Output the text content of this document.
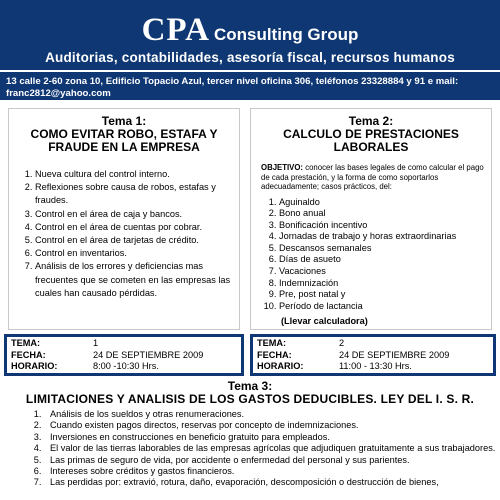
CPA Consulting Group
Auditorias, contabilidades, asesoría fiscal, recursos humanos
13 calle 2-60 zona 10, Edificio Topacio Azul, tercer nivel oficina 306, teléfonos 23328884 y 91 e mail: franc2812@yahoo.com
Tema 1:
COMO EVITAR ROBO, ESTAFA Y FRAUDE EN LA EMPRESA
1. Nueva cultura del control interno.
2. Reflexiones sobre causa de robos, estafas y fraudes.
3. Control en el área de caja y bancos.
4. Control en el área de cuentas por cobrar.
5. Control en el área de tarjetas de crédito.
6. Control en inventarios.
7. Análisis de los errores y deficiencias mas frecuentes que se cometen en las empresas las cuales han causado pérdidas.
Tema 2:
CALCULO DE PRESTACIONES LABORALES
OBJETIVO: conocer las bases legales de como calcular el pago de cada prestación, y la forma de como soportarlos adecuadamente; casos prácticos, del:
1. Aguinaldo
2. Bono anual
3. Bonificación incentivo
4. Jornadas de trabajo y horas extraordinarias
5. Descansos semanales
6. Días de asueto
7. Vacaciones
8. Indemnización
9. Pre, post natal y
10. Período de lactancia
(Llevar calculadora)
TEMA:	1
FECHA:	24 DE SEPTIEMBRE 2009
HORARIO:	8:00 -10:30 Hrs.
TEMA:	2
FECHA:	24 DE SEPTIEMBRE 2009
HORARIO:	11:00 - 13:30 Hrs.
Tema 3:
LIMITACIONES Y ANALISIS DE LOS GASTOS DEDUCIBLES. LEY DEL I. S. R.
1. Análisis de los sueldos y otras renumeraciones.
2. Cuando existen pagos directos, reservas por concepto de indemnizaciones.
3. Inversiones en construcciones en beneficio gratuito para empleados.
4. El valor de las tierras laborables de las empresas agrícolas que adjudiquen gratuitamente a sus trabajadores.
5. Las primas de seguro de vida, por accidente o enfermedad del personal y sus parientes.
6. Intereses sobre créditos y gastos financieros.
7. Las perdidas por: extravió, rotura, daño, evaporación, descomposición o destrucción de bienes,
